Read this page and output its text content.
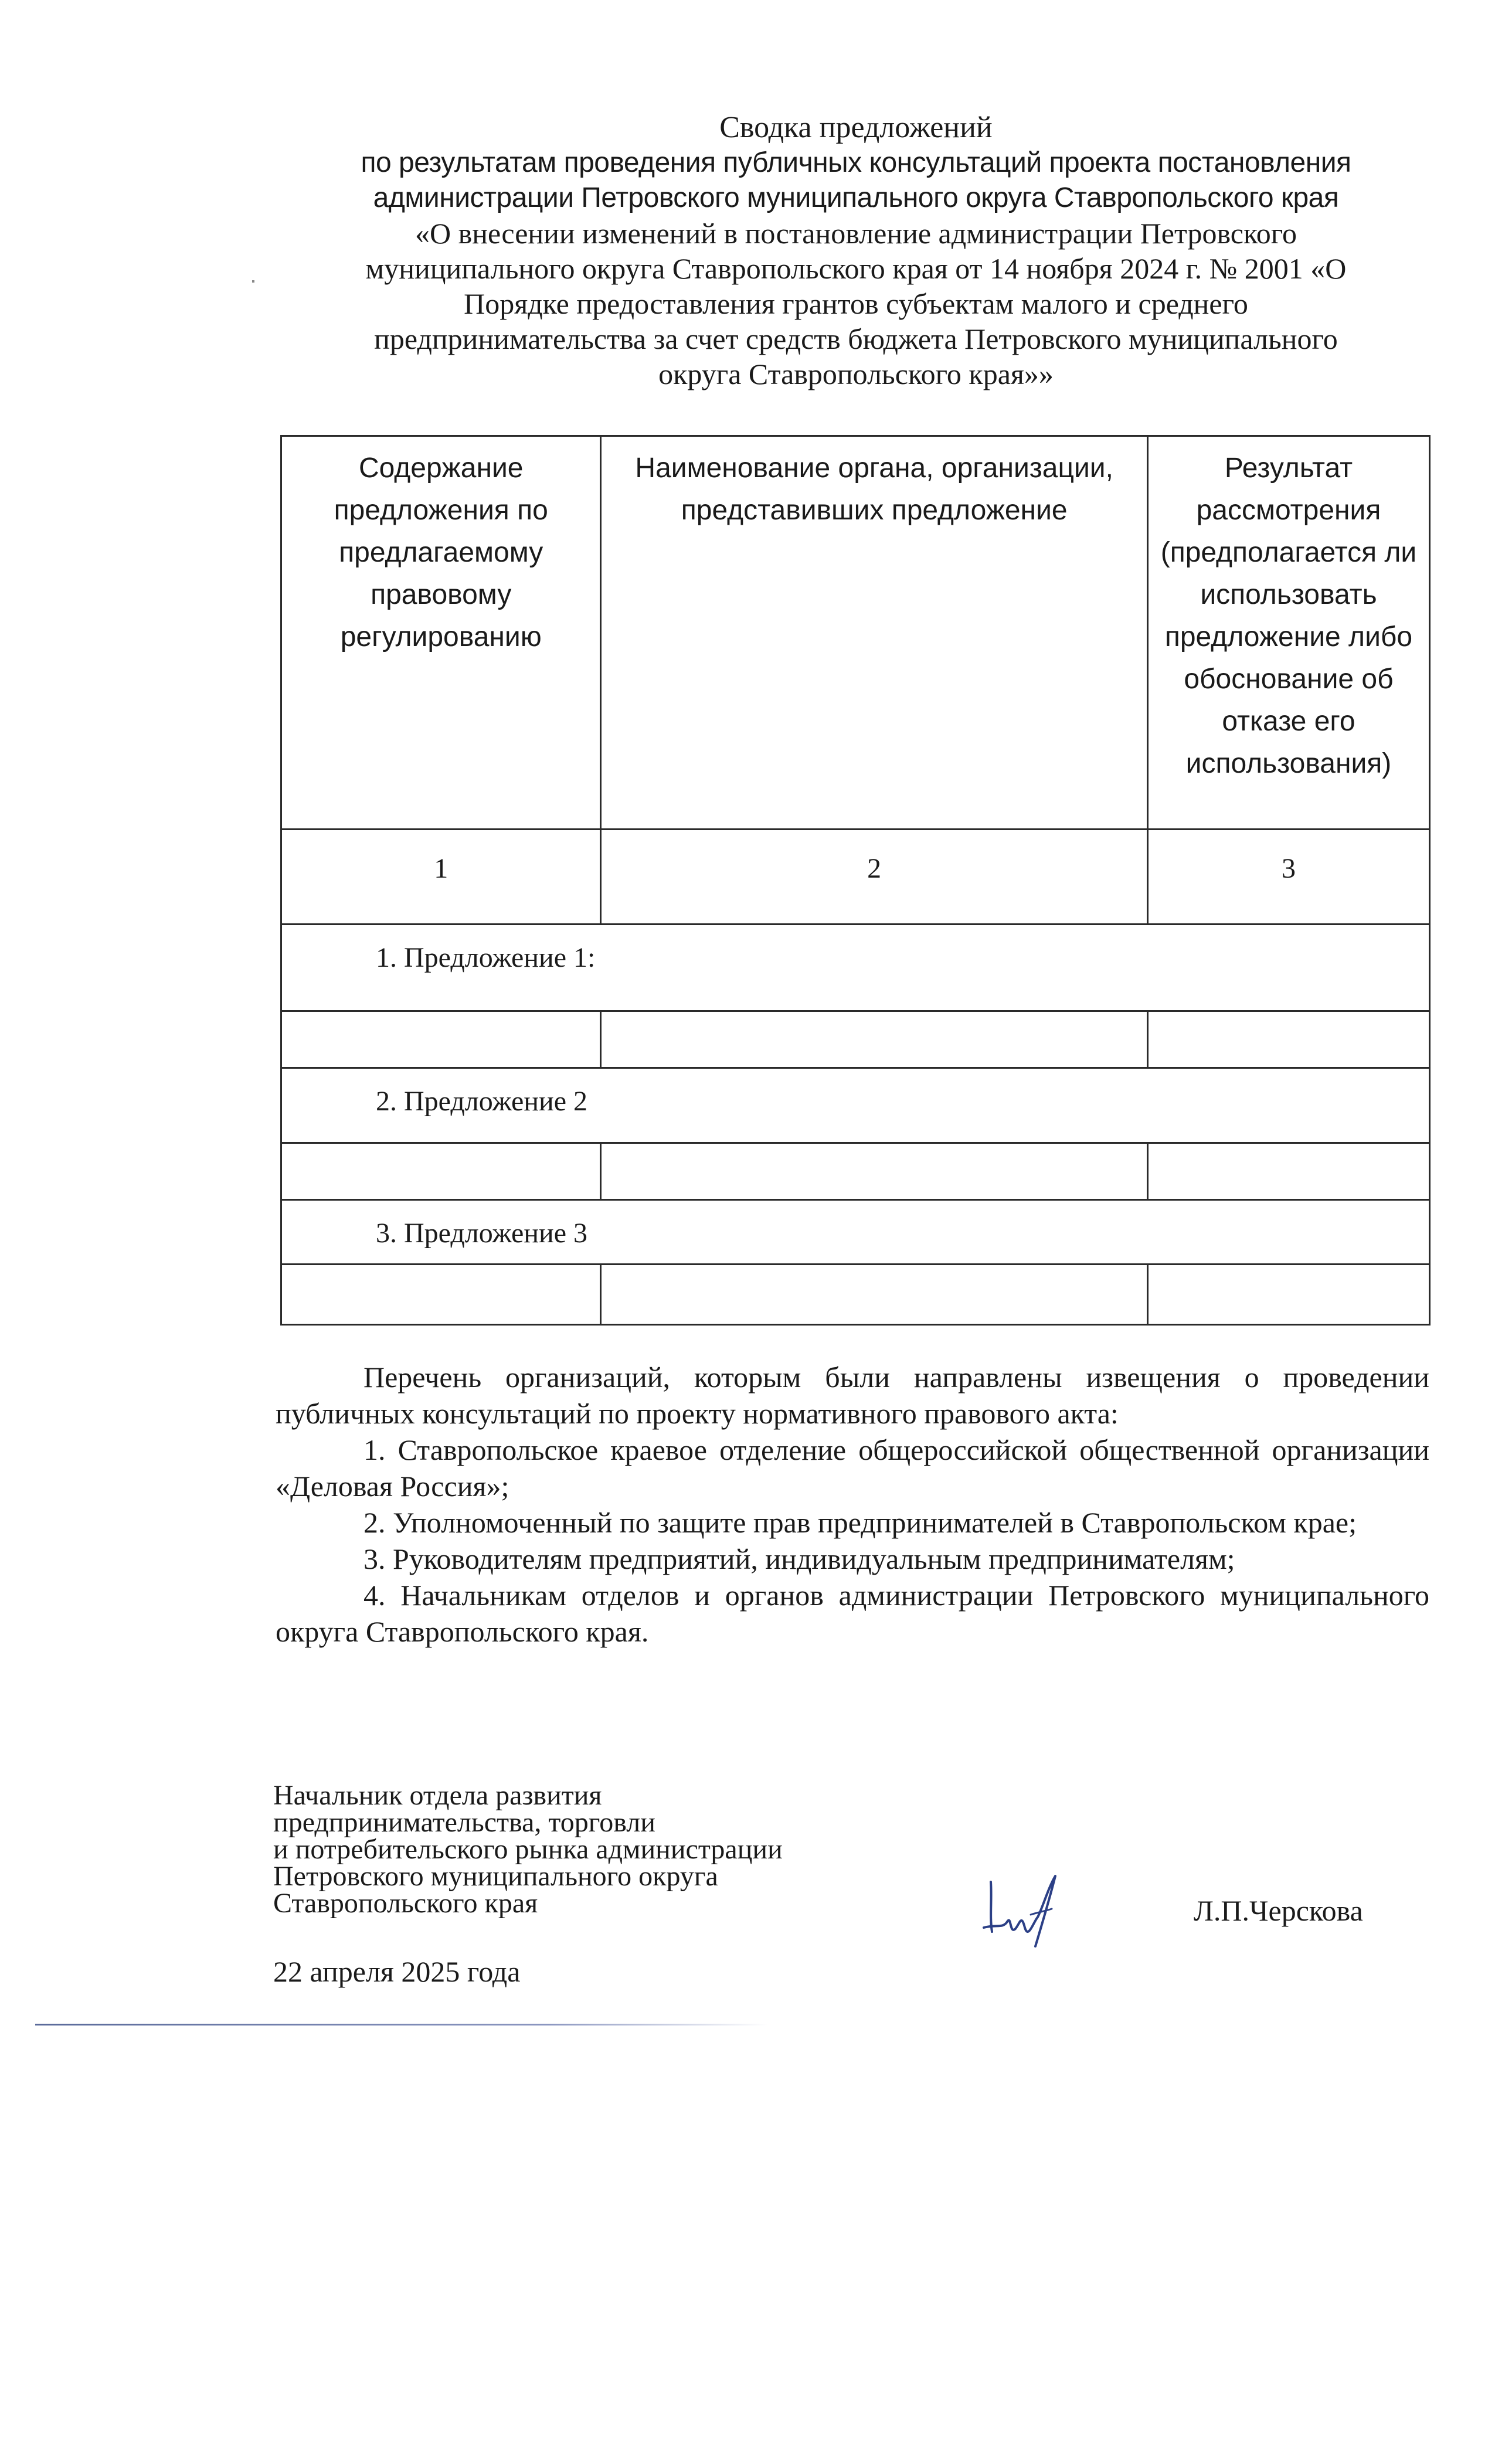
Сводка предложений
по результатам проведения публичных консультаций проекта постановления
администрации Петровского муниципального округа Ставропольского края
«О внесении изменений в постановление администрации Петровского
муниципального округа Ставропольского края от 14 ноября 2024 г. № 2001 «О
Порядке предоставления грантов субъектам малого и среднего
предпринимательства за счет средств бюджета Петровского муниципального
округа Ставропольского края»»
Содержание предложения по предлагаемому правовому регулированию	Наименование органа, организации, представивших предложение	Результат рассмотрения (предполагается ли использовать предложение либо обоснование об отказе его использования)
1	2	3
1. Предложение 1:		

2. Предложение 2		

3. Предложение 3		

Перечень организаций, которым были направлены извещения о проведении публичных консультаций по проекту нормативного правового акта:

1. Ставропольское краевое отделение общероссийской общественной организации «Деловая Россия»;

2. Уполномоченный по защите прав предпринимателей в Ставропольском крае;

3. Руководителям предприятий, индивидуальным предпринимателям;

4. Начальникам отделов и органов администрации Петровского муниципального округа Ставропольского края.

Начальник отдела развития
предпринимательства, торговли
и потребительского рынка администрации
Петровского муниципального округа
Ставропольского края	Л.П.Черскова
22 апреля 2025 года
